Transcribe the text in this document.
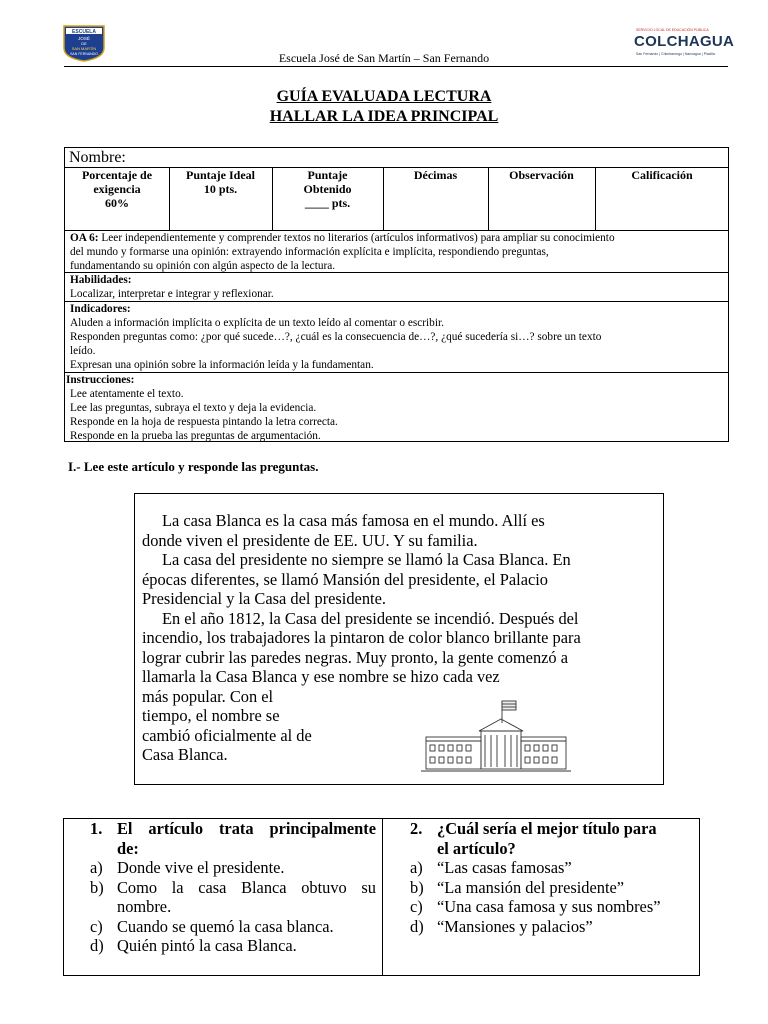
ESCUELA
JOSÉ
DE
SAN MARTÍN
SAN FERNANDO
SERVICIO LOCAL DE EDUCACIÓN PÚBLICA
COLCHAGUA
San Fernando | Chimbarongo | Nancagua | Placilla
Escuela José de San Martín – San Fernando
GUÍA EVALUADA LECTURA
HALLAR LA IDEA PRINCIPAL
Nombre:
Porcentaje de
exigencia
60%
Puntaje Ideal
10 pts.
Puntaje
Obtenido
____ pts.
Décimas	Observación	Calificación
OA 6: Leer independientemente y comprender textos no literarios (artículos informativos) para ampliar su conocimiento
del mundo y formarse una opinión: extrayendo información explícita e implícita, respondiendo preguntas,
fundamentando su opinión con algún aspecto de la lectura.
Habilidades:
Localizar, interpretar e integrar y reflexionar.
Indicadores:
Aluden a información implícita o explícita de un texto leído al comentar o escribir.
Responden preguntas como: ¿por qué sucede…?, ¿cuál es la consecuencia de…?, ¿qué sucedería si…? sobre un texto
leído.
Expresan una opinión sobre la información leída y la fundamentan.
Instrucciones:
Lee atentamente el texto.
Lee las preguntas, subraya el texto y deja la evidencia.
Responde en la hoja de respuesta pintando la letra correcta.
Responde en la prueba las preguntas de argumentación.
I.- Lee este artículo y responde las preguntas.
La casa Blanca es la casa más famosa en el mundo. Allí es
donde viven el presidente de EE. UU. Y su familia.
La casa del presidente no siempre se llamó la Casa Blanca. En
épocas diferentes, se llamó Mansión del presidente, el Palacio
Presidencial y la Casa del presidente.
En el año 1812, la Casa del presidente se incendió. Después del
incendio, los trabajadores la pintaron de color blanco brillante para
lograr cubrir las paredes negras. Muy pronto, la gente comenzó a
llamarla la Casa Blanca y ese nombre se hizo cada vez
más popular. Con el
tiempo, el nombre se
cambió oficialmente al de
Casa Blanca.
1. El artículo trata principalmente
de:
a) Donde vive el presidente.
b) Como la casa Blanca obtuvo su
nombre.
c) Cuando se quemó la casa blanca.
d) Quién pintó la casa Blanca.
2. ¿Cuál sería el mejor título para
el artículo?
a) “Las casas famosas”
b) “La mansión del presidente”
c) “Una casa famosa y sus nombres”
d) “Mansiones y palacios”
